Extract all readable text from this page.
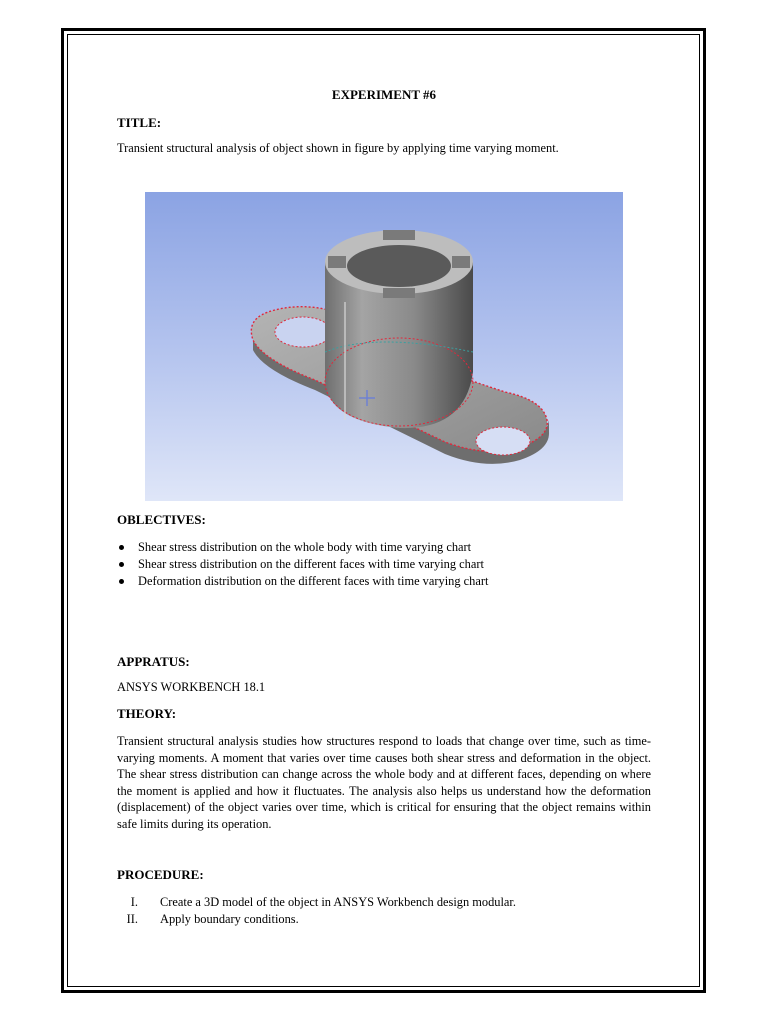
EXPERIMENT #6
TITLE:
Transient structural analysis of object shown in figure by applying time varying moment.
OBLECTIVES:
Shear stress distribution on the whole body with time varying chart
Shear stress distribution on the different faces with time varying chart
Deformation distribution on the different faces with time varying chart
APPRATUS:
ANSYS WORKBENCH 18.1
THEORY:
Transient structural analysis studies how structures respond to loads that change over time, such as time-varying moments. A moment that varies over time causes both shear stress and deformation in the object. The shear stress distribution can change across the whole body and at different faces, depending on where the moment is applied and how it fluctuates. The analysis also helps us understand how the deformation (displacement) of the object varies over time, which is critical for ensuring that the object remains within safe limits during its operation.
PROCEDURE:
I. Create a 3D model of the object in ANSYS Workbench design modular.
II. Apply boundary conditions.
